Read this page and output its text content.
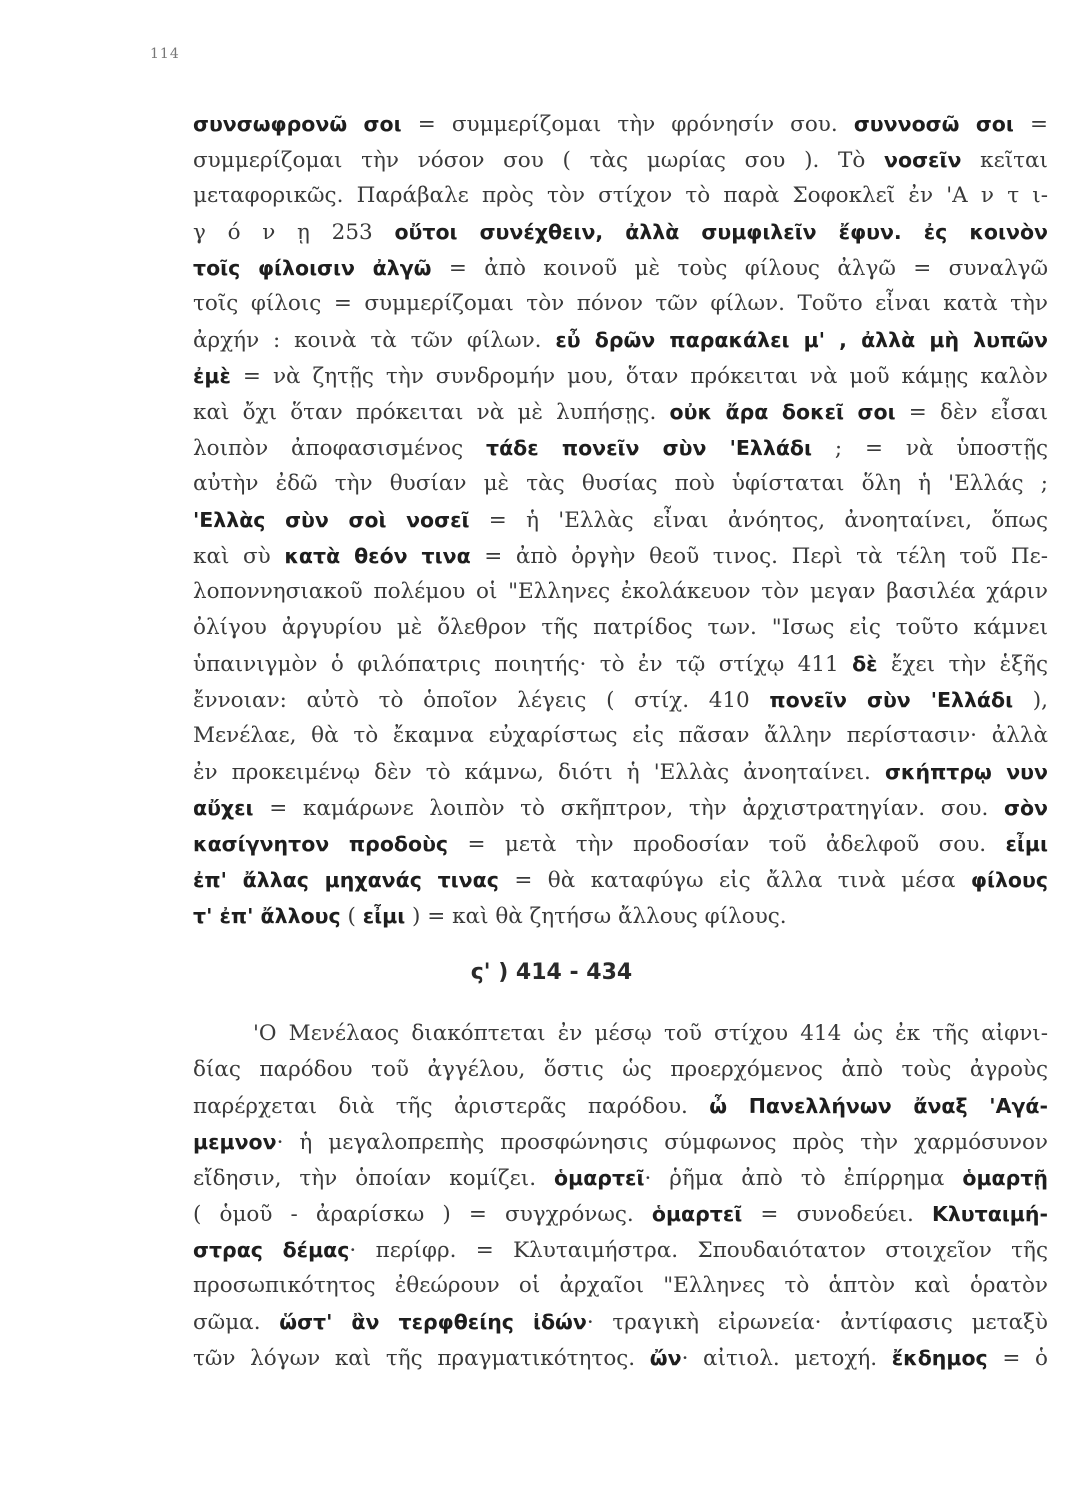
114
συνσωφρονῶ σοι = συμμερίζομαι τὴν φρόνησίν σου. συννοσῶ σοι =
συμμερίζομαι τὴν νόσον σου ( τὰς μωρίας σου ). Τὸ νοσεῖν κεῖται
μεταφορικῶς. Παράβαλε πρὸς τὸν στίχον τὸ παρὰ Σοφοκλεῖ ἐν 'Α ν τ ι-
γ ό ν ῃ 253 οὔτοι συνέχθειν, ἀλλὰ συμφιλεῖν ἔφυν. ἐς κοινὸν
τοῖς φίλοισιν ἀλγῶ = ἀπὸ κοινοῦ μὲ τοὺς φίλους ἀλγῶ = συναλγῶ
τοῖς φίλοις = συμμερίζομαι τὸν πόνον τῶν φίλων. Τοῦτο εἶναι κατὰ τὴν
ἀρχήν : κοινὰ τὰ τῶν φίλων. εὖ δρῶν παρακάλει μ' , ἀλλὰ μὴ λυπῶν
ἐμὲ = νὰ ζητῇς τὴν συνδρομήν μου, ὅταν πρόκειται νὰ μοῦ κάμῃς καλὸν
καὶ ὄχι ὅταν πρόκειται νὰ μὲ λυπήσῃς. οὐκ ἄρα δοκεῖ σοι = δὲν εἶσαι
λοιπὸν ἀποφασισμένος τάδε πονεῖν σὺν 'Ελλάδι ; = νὰ ὑποστῇς
αὐτὴν ἐδῶ τὴν θυσίαν μὲ τὰς θυσίας ποὺ ὑφίσταται ὅλη ἡ 'Ελλάς ;
'Ελλὰς σὺν σοὶ νοσεῖ = ἡ 'Ελλὰς εἶναι ἀνόητος, ἀνοηταίνει, ὅπως
καὶ σὺ κατὰ θεόν τινα = ἀπὸ ὀργὴν θεοῦ τινος. Περὶ τὰ τέλη τοῦ Πε-
λοποννησιακοῦ πολέμου οἱ "Ελληνες ἐκολάκευον τὸν μεγαν βασιλέα χάριν
ὀλίγου ἀργυρίου μὲ ὄλεθρον τῆς πατρίδος των. "Ισως εἰς τοῦτο κάμνει
ὑπαινιγμὸν ὁ φιλόπατρις ποιητής· τὸ ἐν τῷ στίχῳ 411 δὲ ἔχει τὴν ἑξῆς
ἔννοιαν: αὐτὸ τὸ ὁποῖον λέγεις ( στίχ. 410 πονεῖν σὺν 'Ελλάδι ),
Μενέλαε, θὰ τὸ ἔκαμνα εὐχαρίστως εἰς πᾶσαν ἄλλην περίστασιν· ἀλλὰ
ἐν προκειμένῳ δὲν τὸ κάμνω, διότι ἡ 'Ελλὰς ἀνοηταίνει. σκήπτρῳ νυν
αὔχει = καμάρωνε λοιπὸν τὸ σκῆπτρον, τὴν ἀρχιστρατηγίαν. σου. σὸν
κασίγνητον προδοὺς = μετὰ τὴν προδοσίαν τοῦ ἀδελφοῦ σου. εἶμι
ἐπ' ἄλλας μηχανάς τινας = θὰ καταφύγω εἰς ἄλλα τινὰ μέσα φίλους
τ' ἐπ' ἄλλους ( εἶμι ) = καὶ θὰ ζητήσω ἄλλους φίλους.
ς' ) 414 - 434
'Ο Μενέλαος διακόπτεται ἐν μέσῳ τοῦ στίχου 414 ὡς ἐκ τῆς αἰφνι-
δίας παρόδου τοῦ ἀγγέλου, ὅστις ὡς προερχόμενος ἀπὸ τοὺς ἀγροὺς
παρέρχεται διὰ τῆς ἀριστερᾶς παρόδου. ὦ Πανελλήνων ἄναξ 'Αγά-
μεμνον· ἡ μεγαλοπρεπὴς προσφώνησις σύμφωνος πρὸς τὴν χαρμόσυνον
εἴδησιν, τὴν ὁποίαν κομίζει. ὁμαρτεῖ· ῥῆμα ἀπὸ τὸ ἐπίρρημα ὁμαρτῇ
( ὁμοῦ - ἀραρίσκω ) = συγχρόνως. ὁμαρτεῖ = συνοδεύει. Κλυταιμή-
στρας δέμας· περίφρ. = Κλυταιμήστρα. Σπουδαιότατον στοιχεῖον τῆς
προσωπικότητος ἐθεώρουν οἱ ἀρχαῖοι "Ελληνες τὸ ἁπτὸν καὶ ὁρατὸν
σῶμα. ὥστ' ἂν τερφθείης ἰδών· τραγικὴ εἰρωνεία· ἀντίφασις μεταξὺ
τῶν λόγων καὶ τῆς πραγματικότητος. ὤν· αἰτιολ. μετοχή. ἔκδημος = ὁ
